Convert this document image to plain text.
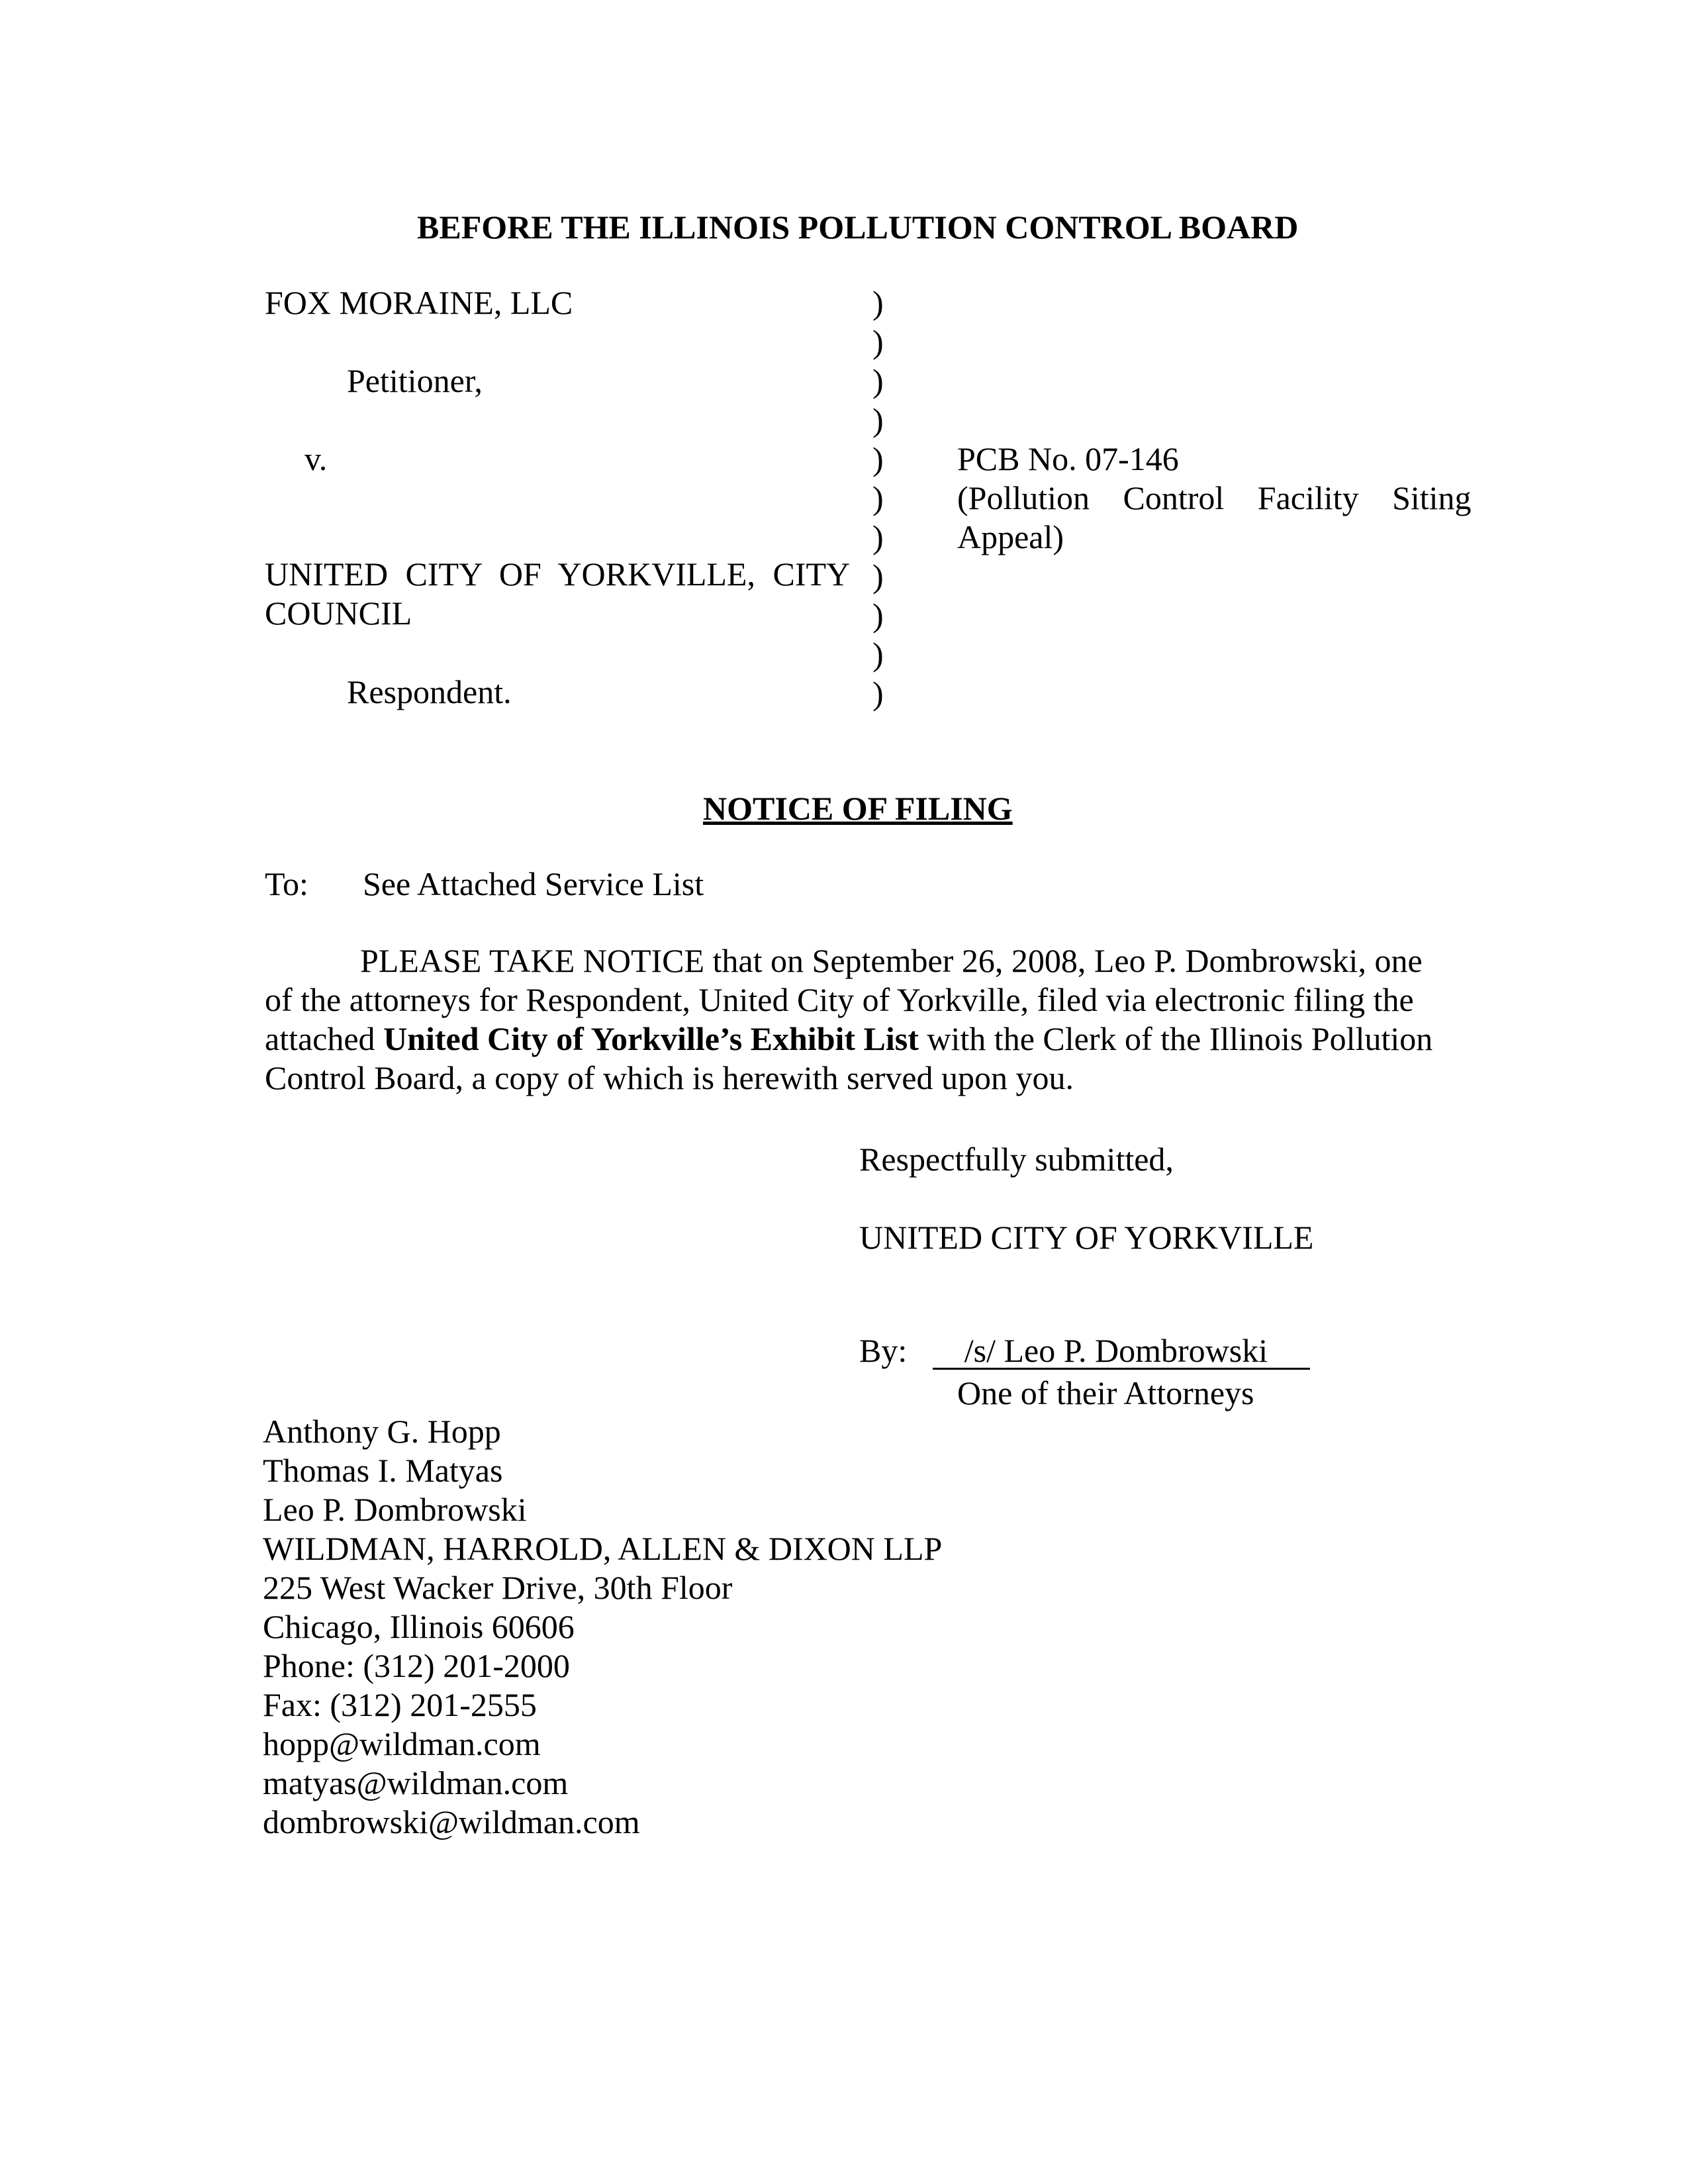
BEFORE THE ILLINOIS POLLUTION CONTROL BOARD
FOX MORAINE, LLC
Petitioner,
v.
UNITED CITY OF YORKVILLE, CITY
COUNCIL
Respondent.
)
)
)
)
)
)
)
)
)
)
)
PCB No. 07-146
(Pollution Control Facility Siting
Appeal)
NOTICE OF FILING
To: See Attached Service List
PLEASE TAKE NOTICE that on September 26, 2008, Leo P. Dombrowski, one of the attorneys for Respondent, United City of Yorkville, filed via electronic filing the attached United City of Yorkville’s Exhibit List with the Clerk of the Illinois Pollution Control Board, a copy of which is herewith served upon you.
Respectfully submitted,
UNITED CITY OF YORKVILLE
By: /s/ Leo P. Dombrowski
One of their Attorneys
Anthony G. Hopp
Thomas I. Matyas
Leo P. Dombrowski
WILDMAN, HARROLD, ALLEN & DIXON LLP
225 West Wacker Drive, 30th Floor
Chicago, Illinois 60606
Phone: (312) 201-2000
Fax: (312) 201-2555
hopp@wildman.com
matyas@wildman.com
dombrowski@wildman.com
